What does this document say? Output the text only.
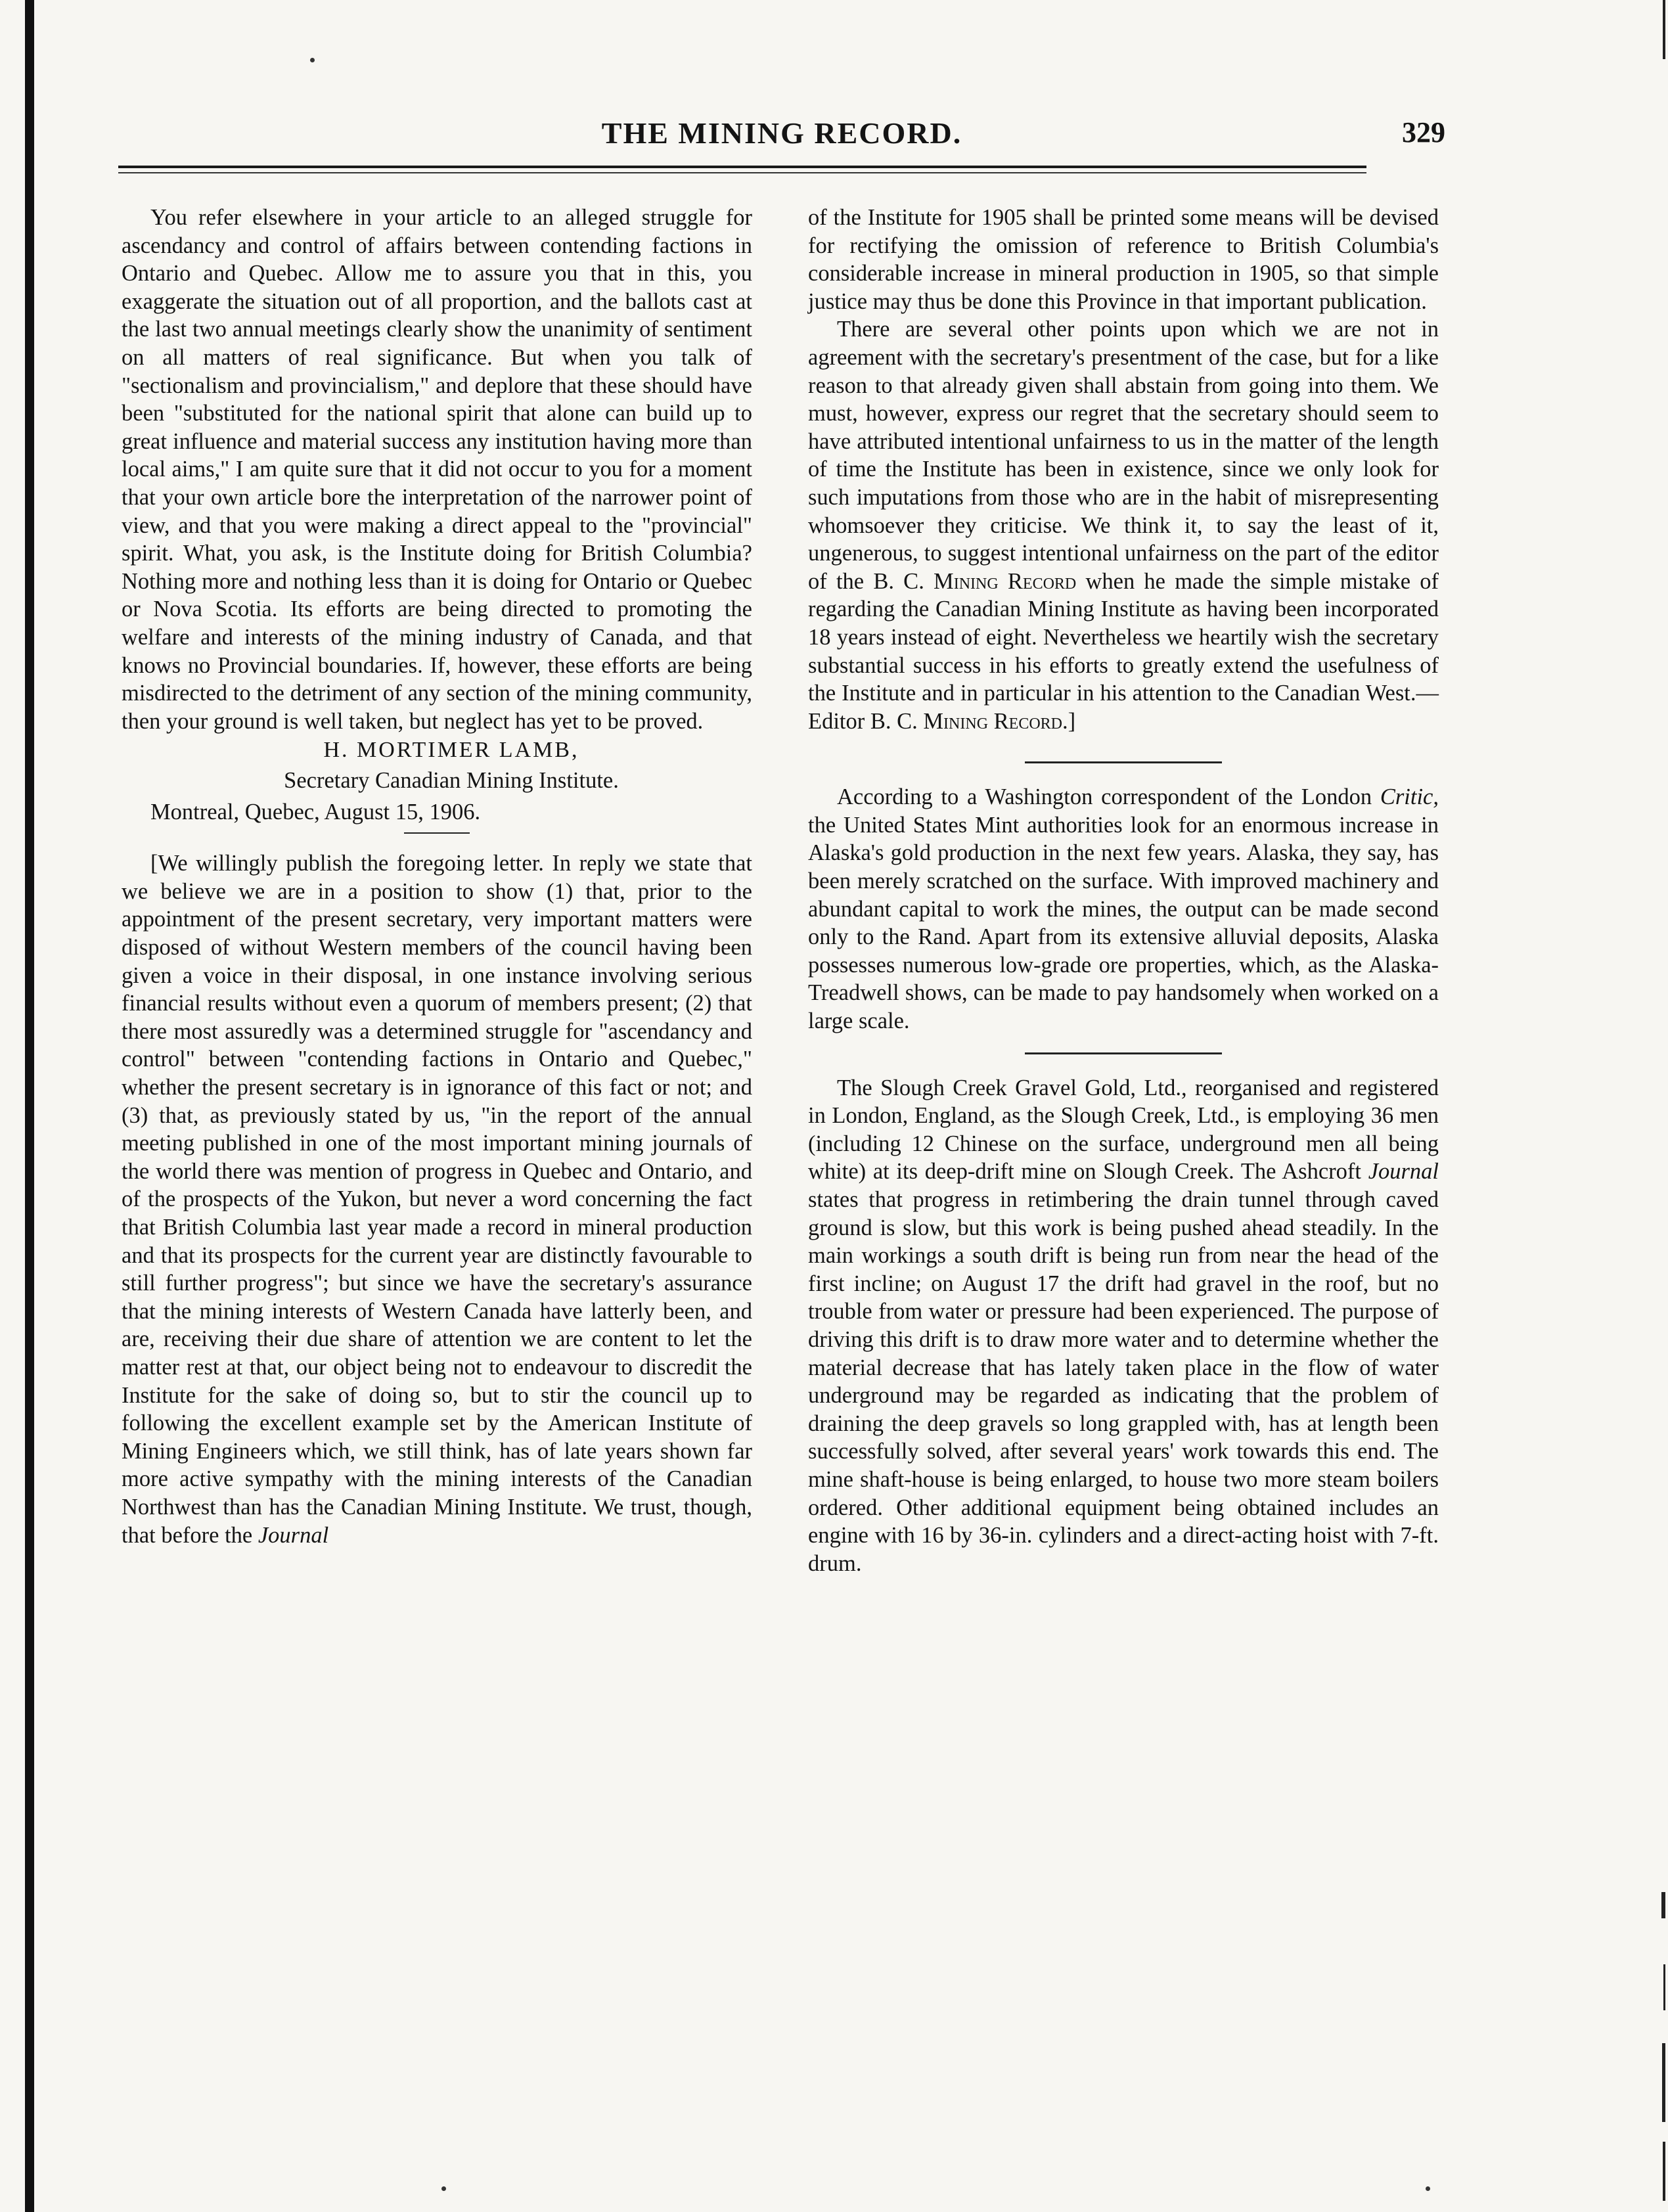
THE MINING RECORD.	329

You refer elsewhere in your article to an alleged struggle for ascendancy and control of affairs between contending factions in Ontario and Quebec. Allow me to assure you that in this, you exaggerate the situation out of all proportion, and the ballots cast at the last two annual meetings clearly show the unanimity of sentiment on all matters of real significance. But when you talk of "sectionalism and provincialism," and deplore that these should have been "substituted for the national spirit that alone can build up to great influence and material success any institution having more than local aims," I am quite sure that it did not occur to you for a moment that your own article bore the interpretation of the narrower point of view, and that you were making a direct appeal to the "provincial" spirit. What, you ask, is the Institute doing for British Columbia? Nothing more and nothing less than it is doing for Ontario or Quebec or Nova Scotia. Its efforts are being directed to promoting the welfare and interests of the mining industry of Canada, and that knows no Provincial boundaries. If, however, these efforts are being misdirected to the detriment of any section of the mining community, then your ground is well taken, but neglect has yet to be proved.

H. MORTIMER LAMB,

Secretary Canadian Mining Institute.

Montreal, Quebec, August 15, 1906.

[We willingly publish the foregoing letter. In reply we state that we believe we are in a position to show (1) that, prior to the appointment of the present secretary, very important matters were disposed of without Western members of the council having been given a voice in their disposal, in one instance involving serious financial results without even a quorum of members present; (2) that there most assuredly was a determined struggle for "ascendancy and control" between "contending factions in Ontario and Quebec," whether the present secretary is in ignorance of this fact or not; and (3) that, as previously stated by us, "in the report of the annual meeting published in one of the most important mining journals of the world there was mention of progress in Quebec and Ontario, and of the prospects of the Yukon, but never a word concerning the fact that British Columbia last year made a record in mineral production and that its prospects for the current year are distinctly favourable to still further progress"; but since we have the secretary's assurance that the mining interests of Western Canada have latterly been, and are, receiving their due share of attention we are content to let the matter rest at that, our object being not to endeavour to discredit the Institute for the sake of doing so, but to stir the council up to following the excellent example set by the American Institute of Mining Engineers which, we still think, has of late years shown far more active sympathy with the mining interests of the Canadian Northwest than has the Canadian Mining Institute. We trust, though, that before the Journal

of the Institute for 1905 shall be printed some means will be devised for rectifying the omission of reference to British Columbia's considerable increase in mineral production in 1905, so that simple justice may thus be done this Province in that important publication.

There are several other points upon which we are not in agreement with the secretary's presentment of the case, but for a like reason to that already given shall abstain from going into them. We must, however, express our regret that the secretary should seem to have attributed intentional unfairness to us in the matter of the length of time the Institute has been in existence, since we only look for such imputations from those who are in the habit of misrepresenting whomsoever they criticise. We think it, to say the least of it, ungenerous, to suggest intentional unfairness on the part of the editor of the B. C. Mining Record when he made the simple mistake of regarding the Canadian Mining Institute as having been incorporated 18 years instead of eight. Nevertheless we heartily wish the secretary substantial success in his efforts to greatly extend the usefulness of the Institute and in particular in his attention to the Canadian West.—Editor B. C. Mining Record.]

According to a Washington correspondent of the London Critic, the United States Mint authorities look for an enormous increase in Alaska's gold production in the next few years. Alaska, they say, has been merely scratched on the surface. With improved machinery and abundant capital to work the mines, the output can be made second only to the Rand. Apart from its extensive alluvial deposits, Alaska possesses numerous low-grade ore properties, which, as the Alaska-Treadwell shows, can be made to pay handsomely when worked on a large scale.

The Slough Creek Gravel Gold, Ltd., reorganised and registered in London, England, as the Slough Creek, Ltd., is employing 36 men (including 12 Chinese on the surface, underground men all being white) at its deep-drift mine on Slough Creek. The Ashcroft Journal states that progress in retimbering the drain tunnel through caved ground is slow, but this work is being pushed ahead steadily. In the main workings a south drift is being run from near the head of the first incline; on August 17 the drift had gravel in the roof, but no trouble from water or pressure had been experienced. The purpose of driving this drift is to draw more water and to determine whether the material decrease that has lately taken place in the flow of water underground may be regarded as indicating that the problem of draining the deep gravels so long grappled with, has at length been successfully solved, after several years' work towards this end. The mine shaft-house is being enlarged, to house two more steam boilers ordered. Other additional equipment being obtained includes an engine with 16 by 36-in. cylinders and a direct-acting hoist with 7-ft. drum.
